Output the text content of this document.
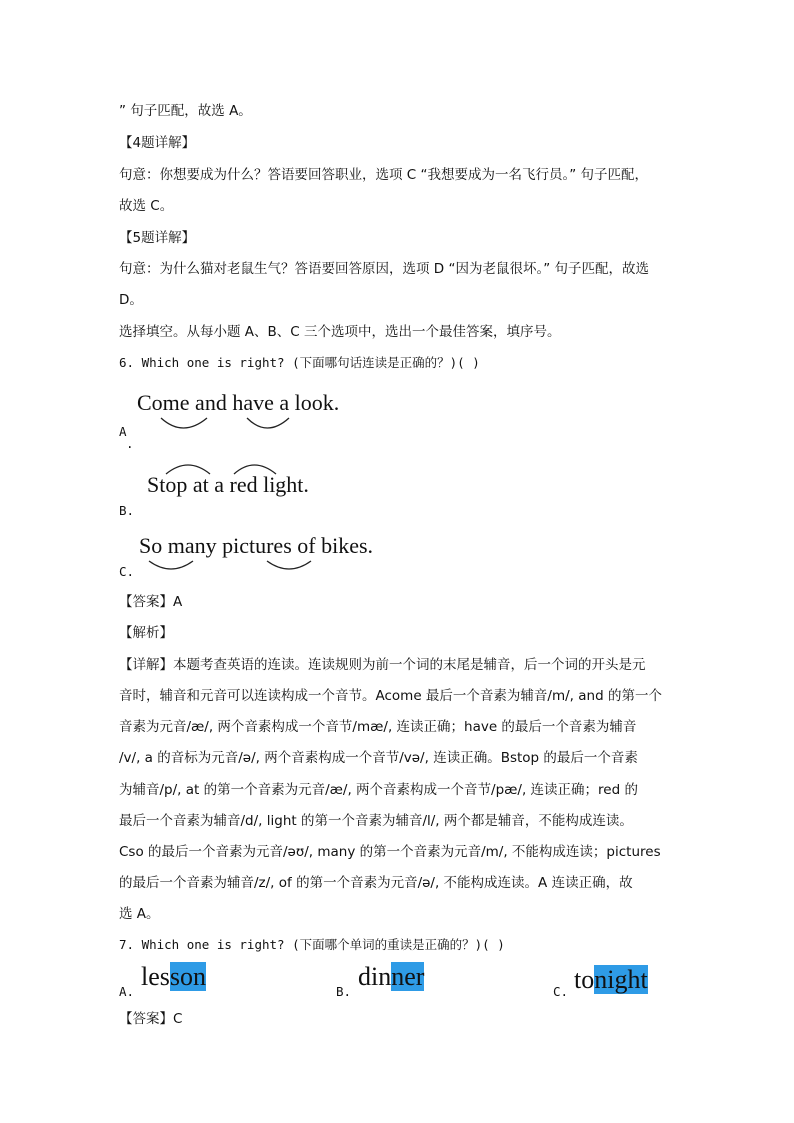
” 句子匹配，故选 A。
【4题详解】
句意：你想要成为什么？答语要回答职业，选项 C “我想要成为一名飞行员。” 句子匹配，
故选 C。
【5题详解】
句意：为什么猫对老鼠生气？答语要回答原因，选项 D “因为老鼠很坏。” 句子匹配，故选
D。
选择填空。从每小题 A、B、C 三个选项中，选出一个最佳答案，填序号。
6. Which one is right? (下面哪句话连读是正确的？)( )
Come and have a look.
A
.
Stop at a red light.
B.
So many pictures of bikes.
C.
【答案】A
【解析】
【详解】本题考查英语的连读。连读规则为前一个词的末尾是辅音，后一个词的开头是元
音时，辅音和元音可以连读构成一个音节。Acome 最后一个音素为辅音/m/, and 的第一个
音素为元音/æ/, 两个音素构成一个音节/mæ/, 连读正确；have 的最后一个音素为辅音
/v/, a 的音标为元音/ə/, 两个音素构成一个音节/və/, 连读正确。Bstop 的最后一个音素
为辅音/p/, at 的第一个音素为元音/æ/, 两个音素构成一个音节/pæ/, 连读正确；red 的
最后一个音素为辅音/d/, light 的第一个音素为辅音/l/, 两个都是辅音，不能构成连读。
Cso 的最后一个音素为元音/əʊ/, many 的第一个音素为元音/m/, 不能构成连读；pictures
的最后一个音素为辅音/z/, of 的第一个音素为元音/ə/, 不能构成连读。A 连读正确，故
选 A。
7. Which one is right? (下面哪个单词的重读是正确的？)( )
A.
lesson
B.
dinner
C. tonight
【答案】C
